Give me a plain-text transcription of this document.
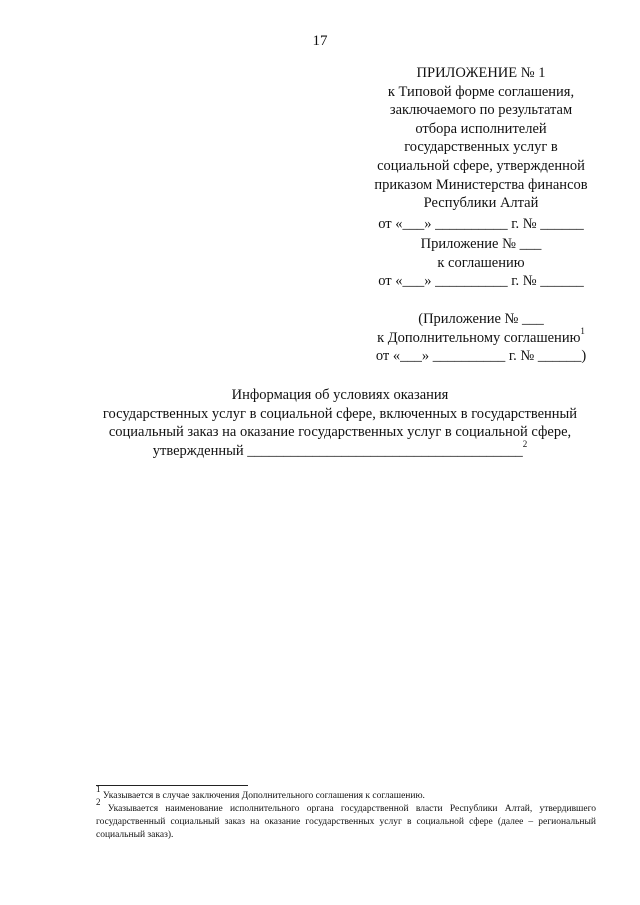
17
ПРИЛОЖЕНИЕ № 1
к Типовой форме соглашения,
заключаемого по результатам
отбора исполнителей
государственных услуг в
социальной сфере, утвержденной
приказом Министерства финансов
Республики Алтай
от «___» __________ г. № ______
Приложение № ___
к соглашению
от «___» __________ г. № ______
(Приложение № ___
к Дополнительному соглашению$^1$
от «___» __________ г. № ______)
Информация об условиях оказания
государственных услуг в социальной сфере, включенных в государственный
социальный заказ на оказание государственных услуг в социальной сфере,
утвержденный ______________________________________$^2$

$^1$ Указывается в случае заключения Дополнительного соглашения к соглашению.

$^2$ Указывается наименование исполнительного органа государственной власти Республики Алтай, утвердившего государственный социальный заказ на оказание государственных услуг в социальной сфере (далее – региональный социальный заказ).
